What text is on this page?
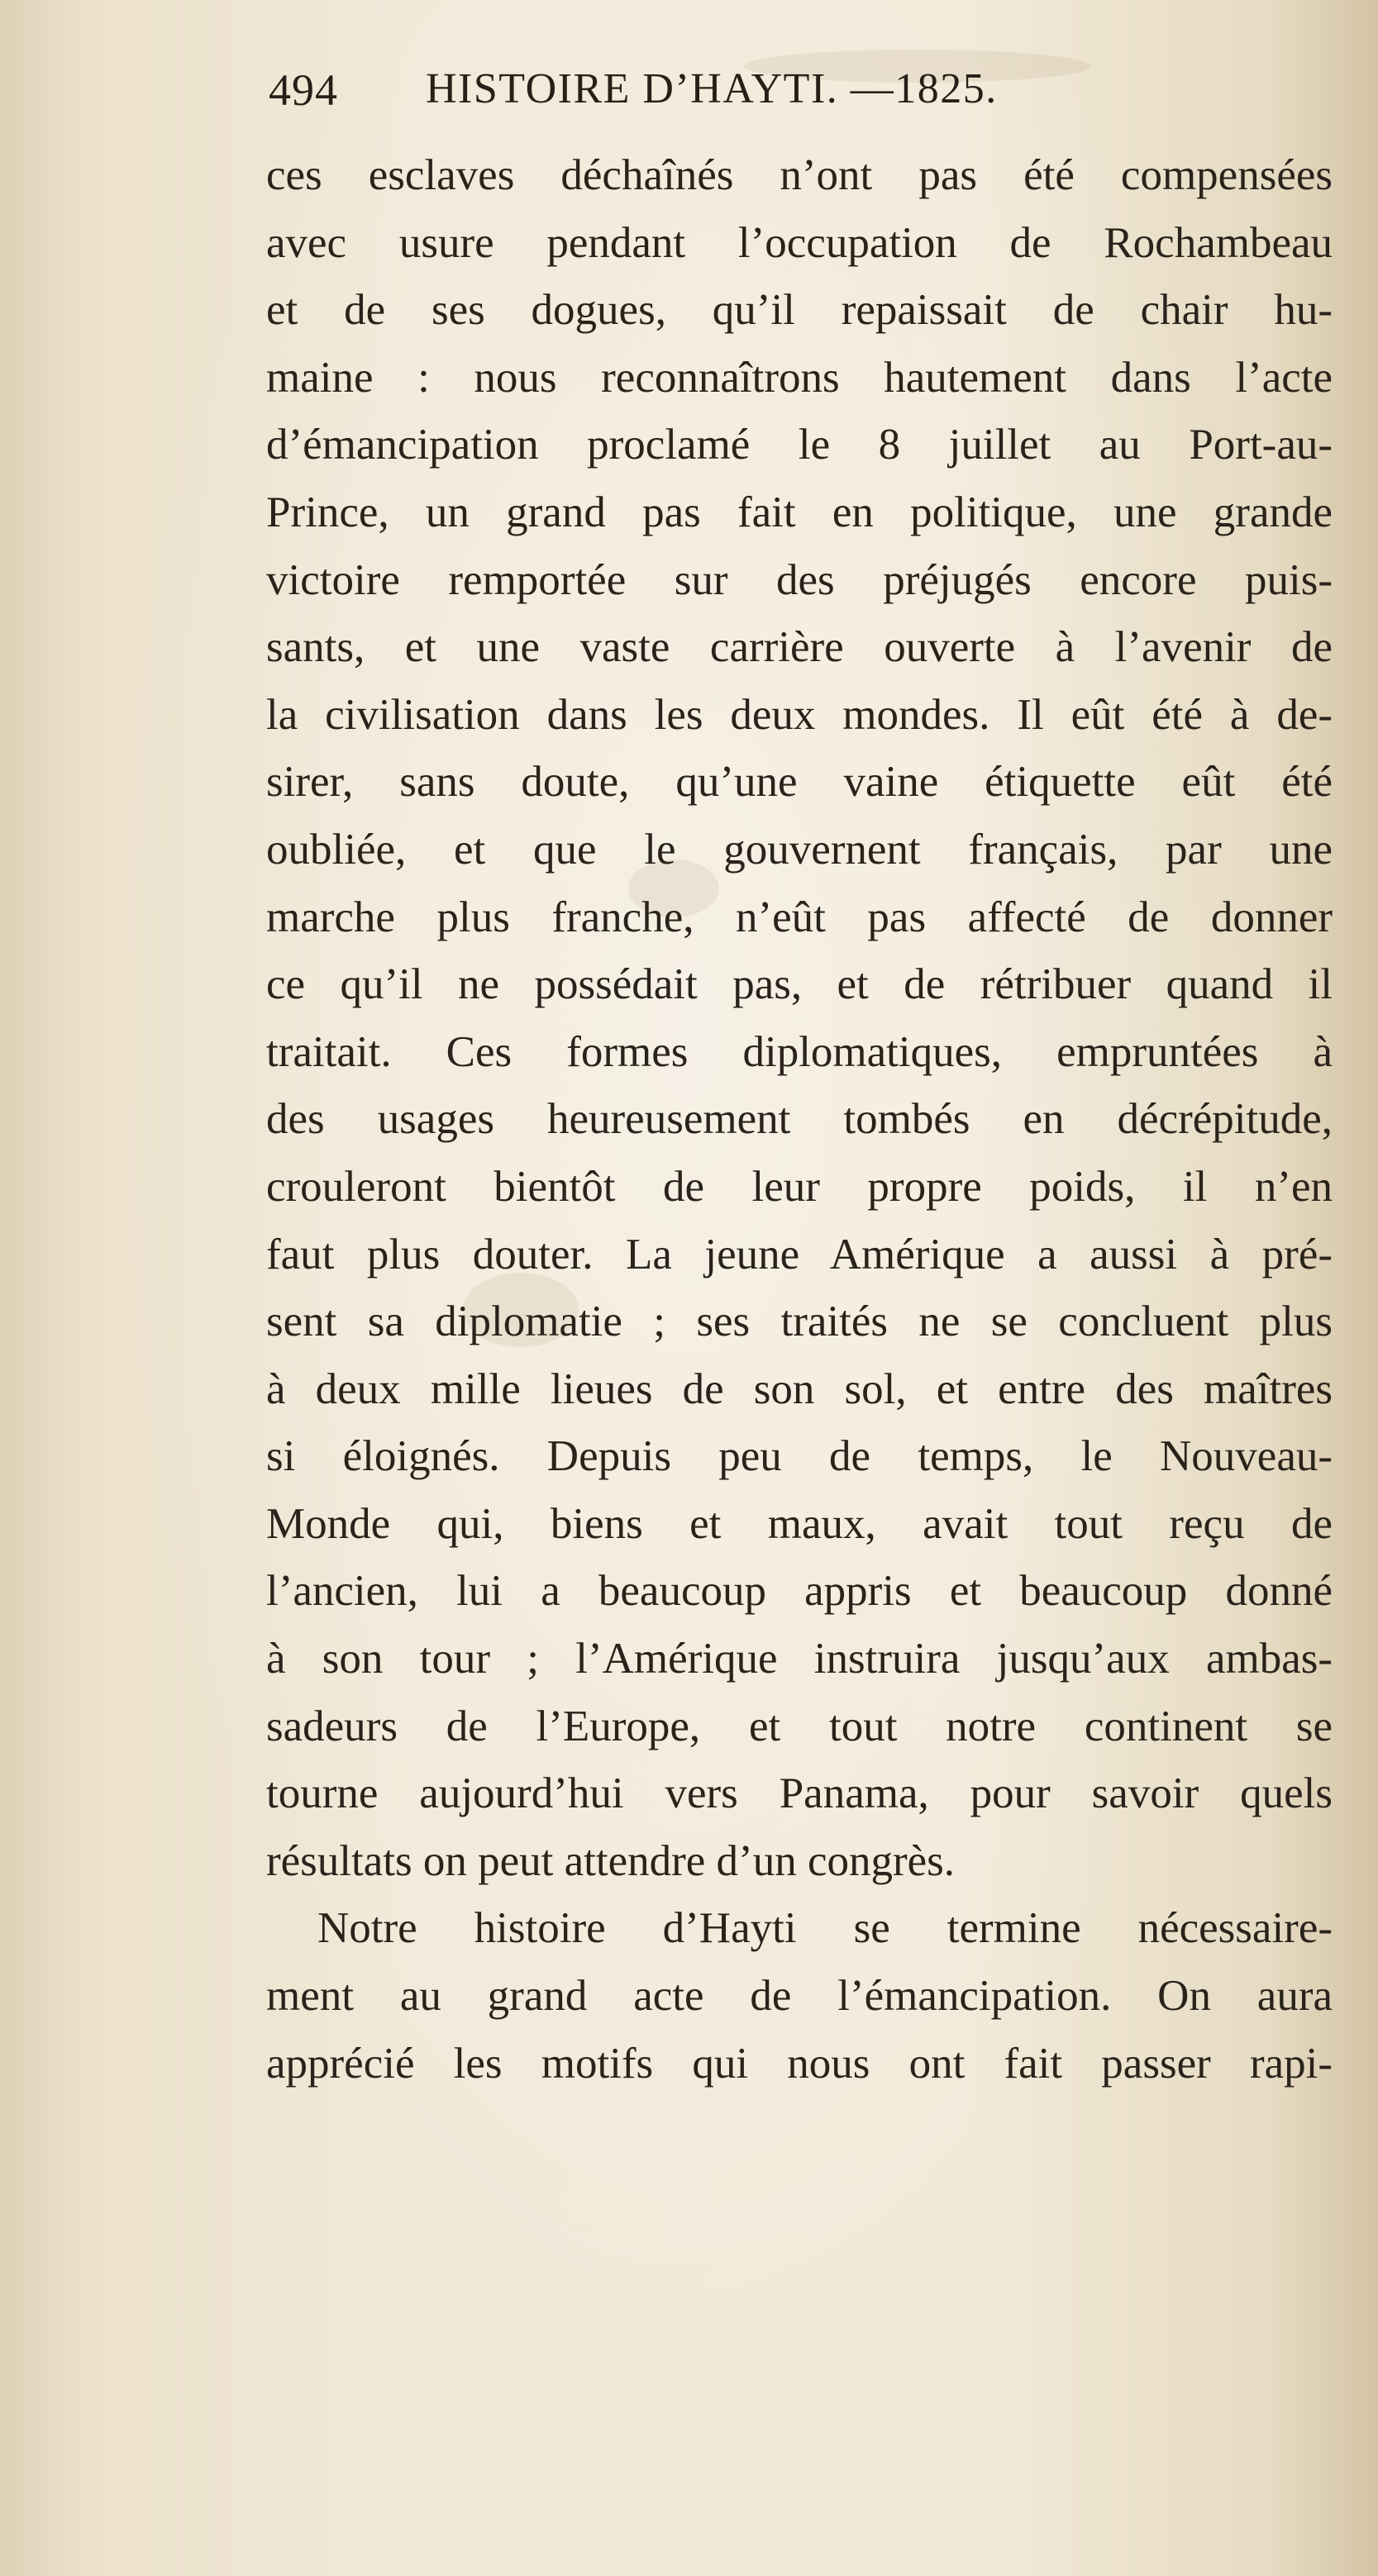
494 HISTOIRE D’HAYTI. —1825.
ces esclaves déchaînés n’ont pas été compensées
avec usure pendant l’occupation de Rochambeau
et de ses dogues, qu’il repaissait de chair hu-
maine : nous reconnaîtrons hautement dans l’acte
d’émancipation proclamé le 8 juillet au Port-au-
Prince, un grand pas fait en politique, une grande
victoire remportée sur des préjugés encore puis-
sants, et une vaste carrière ouverte à l’avenir de
la civilisation dans les deux mondes. Il eût été à de-
sirer, sans doute, qu’une vaine étiquette eût été
oubliée, et que le gouvernent français, par une
marche plus franche, n’eût pas affecté de donner
ce qu’il ne possédait pas, et de rétribuer quand il
traitait. Ces formes diplomatiques, empruntées à
des usages heureusement tombés en décrépitude,
crouleront bientôt de leur propre poids, il n’en
faut plus douter. La jeune Amérique a aussi à pré-
sent sa diplomatie ; ses traités ne se concluent plus
à deux mille lieues de son sol, et entre des maîtres
si éloignés. Depuis peu de temps, le Nouveau-
Monde qui, biens et maux, avait tout reçu de
l’ancien, lui a beaucoup appris et beaucoup donné
à son tour ; l’Amérique instruira jusqu’aux ambas-
sadeurs de l’Europe, et tout notre continent se
tourne aujourd’hui vers Panama, pour savoir quels
résultats on peut attendre d’un congrès.
Notre histoire d’Hayti se termine nécessaire-
ment au grand acte de l’émancipation. On aura
apprécié les motifs qui nous ont fait passer rapi-
